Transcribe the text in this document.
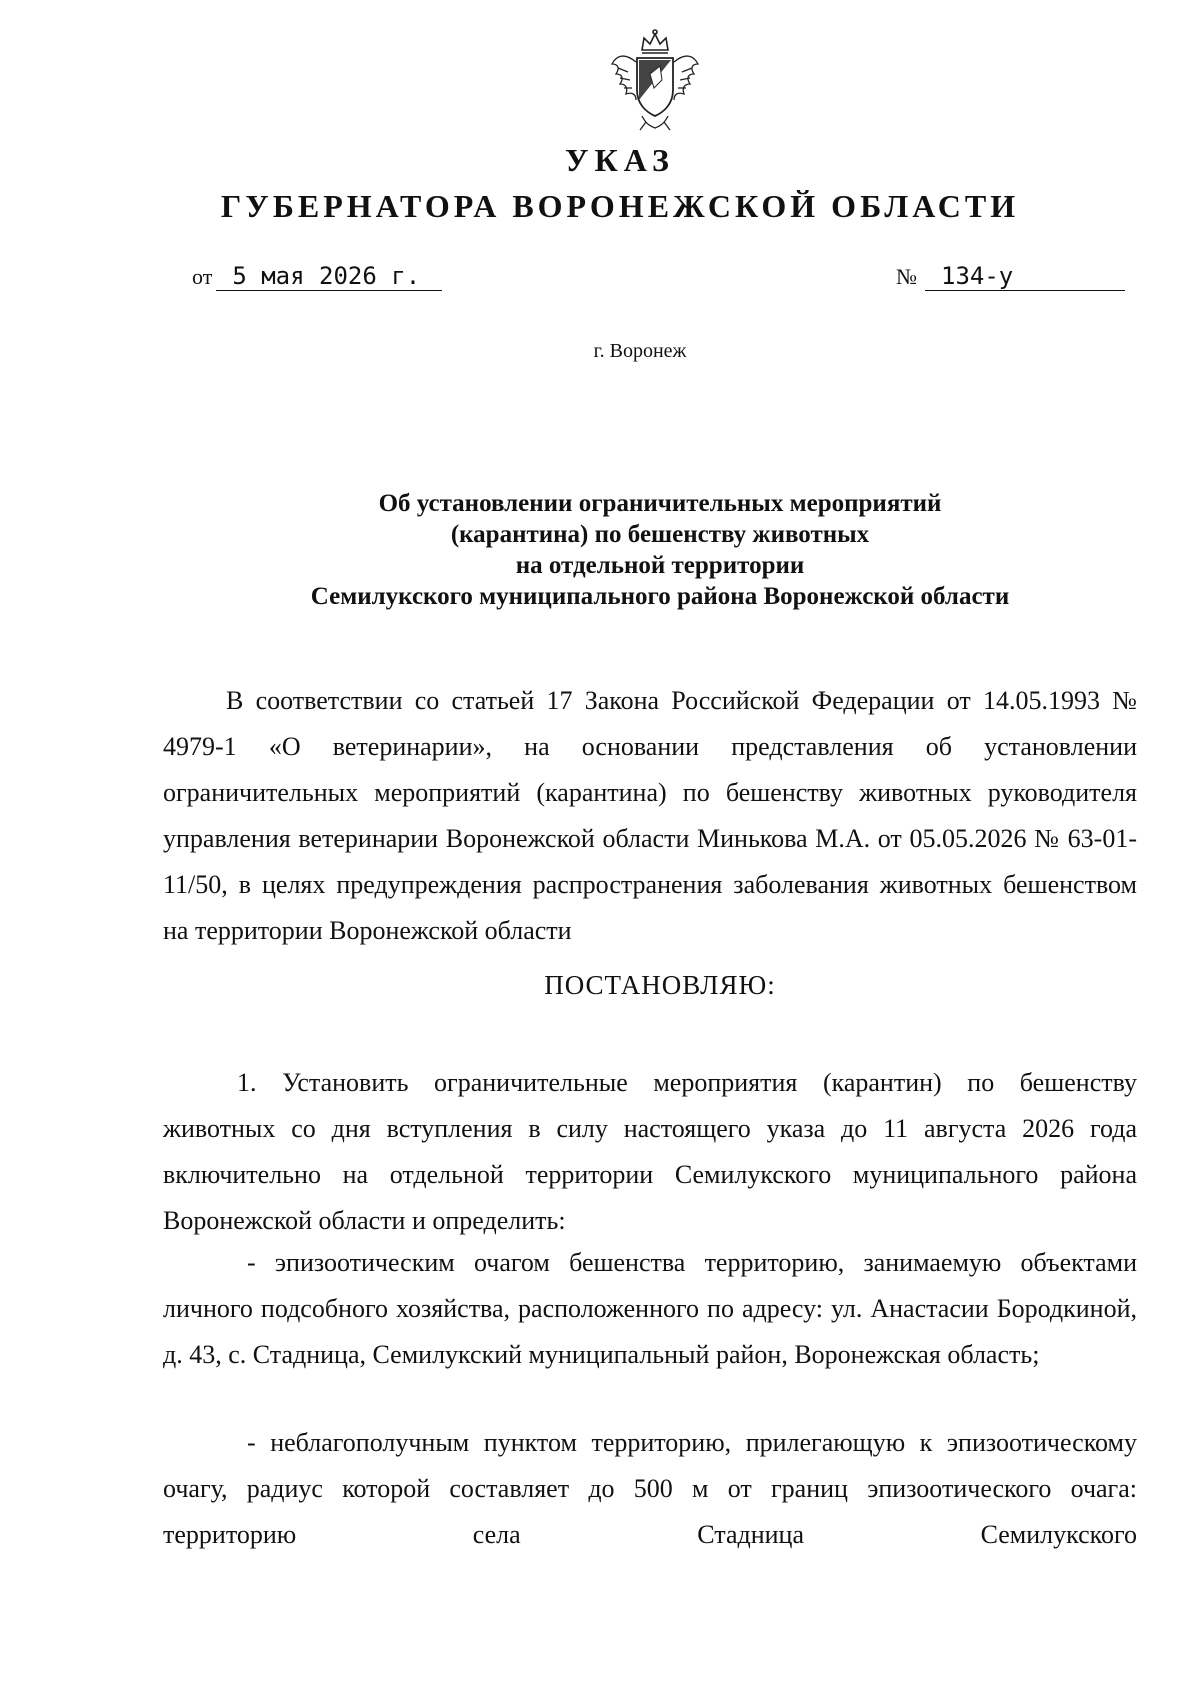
УКАЗ
ГУБЕРНАТОРА ВОРОНЕЖСКОЙ ОБЛАСТИ
от 5 мая 2026 г.	№ 134-у
г. Воронеж
Об установлении ограничительных мероприятий
(карантина) по бешенству животных
на отдельной территории
Семилукского муниципального района Воронежской области
В соответствии со статьей 17 Закона Российской Федерации от 14.05.1993 № 4979-1 «О ветеринарии», на основании представления об установлении ограничительных мероприятий (карантина) по бешенству животных руководителя управления ветеринарии Воронежской области Минькова М.А. от 05.05.2026 № 63-01-11/50, в целях предупреждения распространения заболевания животных бешенством на территории Воронежской области
ПОСТАНОВЛЯЮ:
1. Установить ограничительные мероприятия (карантин) по бешенству животных со дня вступления в силу настоящего указа до 11 августа 2026 года включительно на отдельной территории Семилукского муниципального района Воронежской области и определить:
- эпизоотическим очагом бешенства территорию, занимаемую объектами личного подсобного хозяйства, расположенного по адресу: ул. Анастасии Бородкиной, д. 43, с. Стадница, Семилукский муниципальный район, Воронежская область;
- неблагополучным пунктом территорию, прилегающую к эпизоотическому очагу, радиус которой составляет до 500 м от границ эпизоотического очага: территорию села Стадница Семилукского
